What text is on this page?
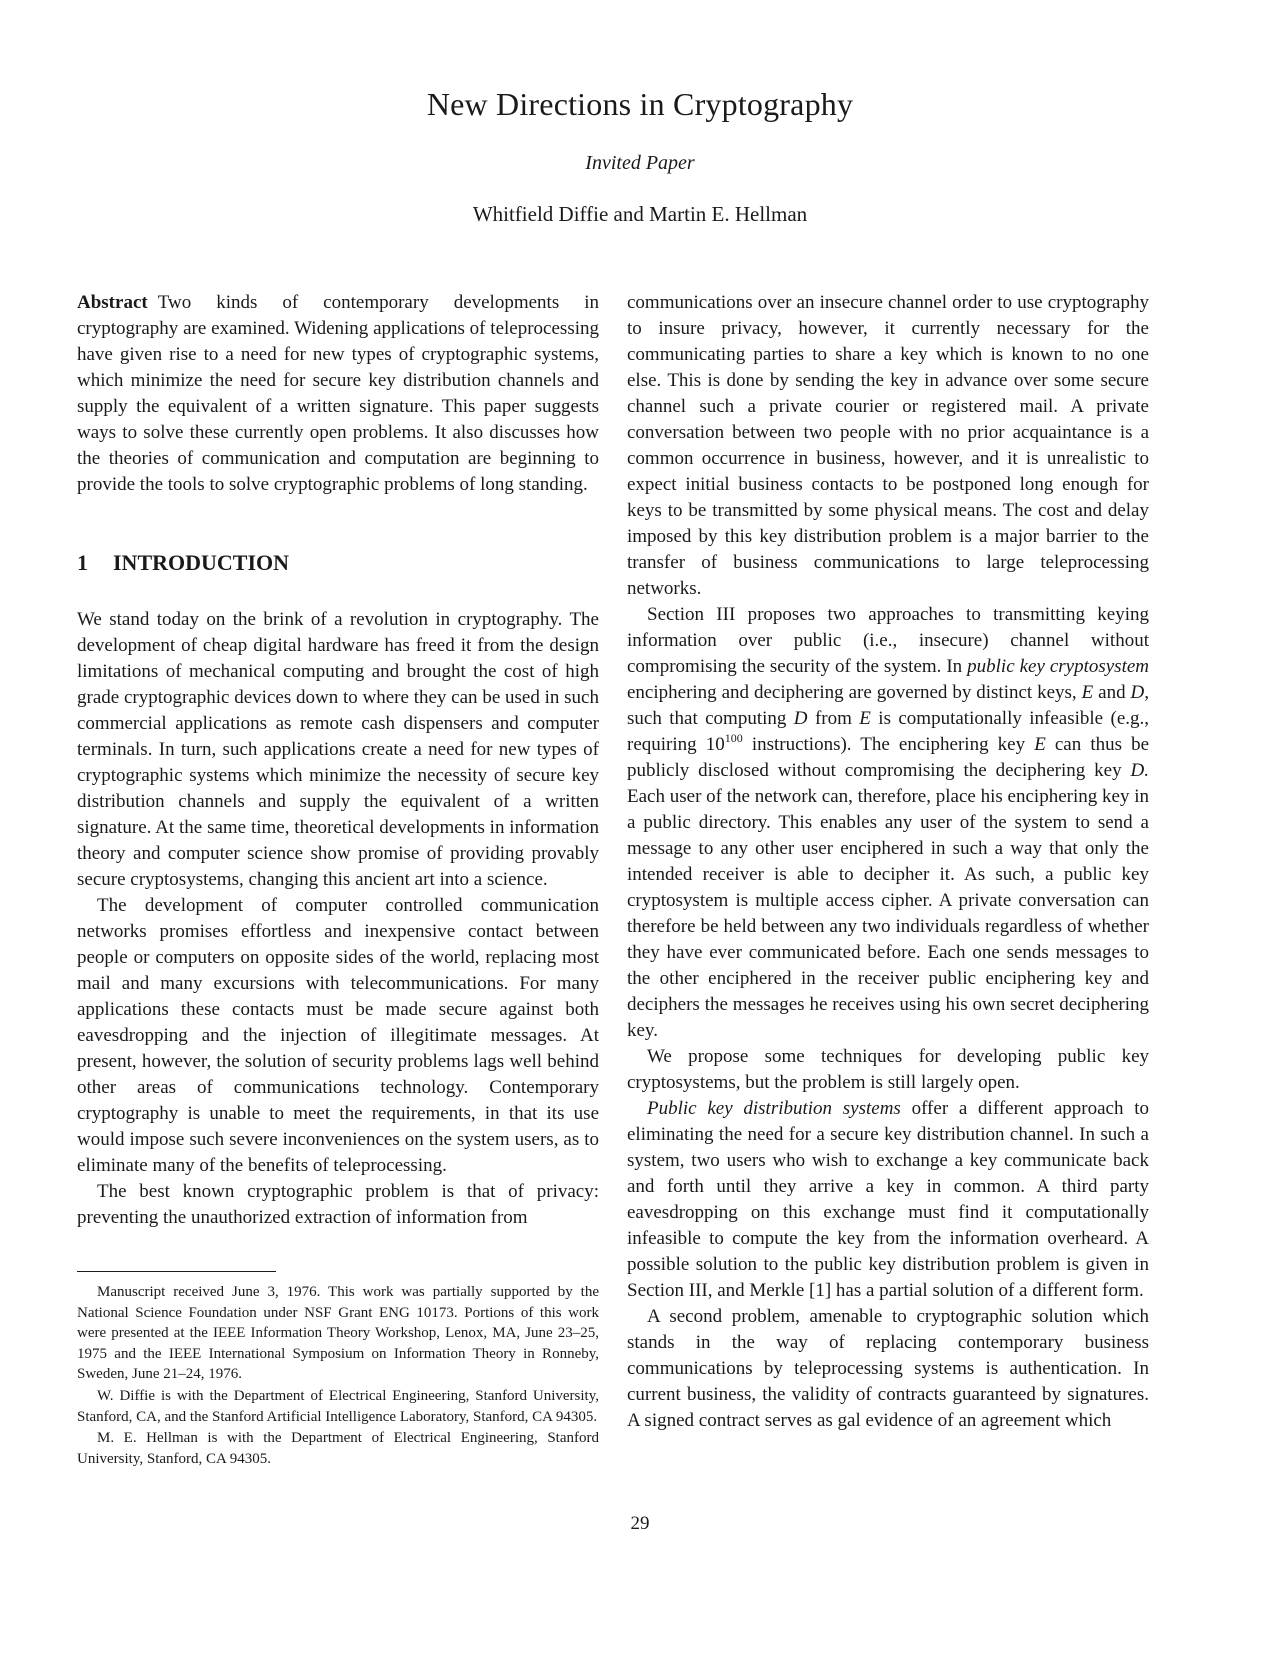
New Directions in Cryptography
Invited Paper
Whitfield Diffie and Martin E. Hellman

Abstract Two kinds of contemporary developments in cryptography are examined. Widening applications of teleprocessing have given rise to a need for new types of cryptographic systems, which minimize the need for secure key distribution channels and supply the equivalent of a written signature. This paper suggests ways to solve these currently open problems. It also discusses how the theories of communication and computation are beginning to provide the tools to solve cryptographic problems of long standing.

1 INTRODUCTION

We stand today on the brink of a revolution in cryptography. The development of cheap digital hardware has freed it from the design limitations of mechanical computing and brought the cost of high grade cryptographic devices down to where they can be used in such commercial applications as remote cash dispensers and computer terminals. In turn, such applications create a need for new types of cryptographic systems which minimize the necessity of secure key distribution channels and supply the equivalent of a written signature. At the same time, theoretical developments in information theory and computer science show promise of providing provably secure cryptosystems, changing this ancient art into a science.

The development of computer controlled communication networks promises effortless and inexpensive contact between people or computers on opposite sides of the world, replacing most mail and many excursions with telecommunications. For many applications these contacts must be made secure against both eavesdropping and the injection of illegitimate messages. At present, however, the solution of security problems lags well behind other areas of communications technology. Contemporary cryptography is unable to meet the requirements, in that its use would impose such severe inconveniences on the system users, as to eliminate many of the benefits of teleprocessing.

The best known cryptographic problem is that of privacy: preventing the unauthorized extraction of information from

Manuscript received June 3, 1976. This work was partially supported by the National Science Foundation under NSF Grant ENG 10173. Portions of this work were presented at the IEEE Information Theory Workshop, Lenox, MA, June 23–25, 1975 and the IEEE International Symposium on Information Theory in Ronneby, Sweden, June 21–24, 1976.

W. Diffie is with the Department of Electrical Engineering, Stanford University, Stanford, CA, and the Stanford Artificial Intelligence Laboratory, Stanford, CA 94305.

M. E. Hellman is with the Department of Electrical Engineering, Stanford University, Stanford, CA 94305.

communications over an insecure channel order to use cryptography to insure privacy, however, it currently necessary for the communicating parties to share a key which is known to no one else. This is done by sending the key in advance over some secure channel such a private courier or registered mail. A private conversation between two people with no prior acquaintance is a common occurrence in business, however, and it is unrealistic to expect initial business contacts to be postponed long enough for keys to be transmitted by some physical means. The cost and delay imposed by this key distribution problem is a major barrier to the transfer of business communications to large teleprocessing networks.

Section III proposes two approaches to transmitting keying information over public (i.e., insecure) channel without compromising the security of the system. In public key cryptosystem enciphering and deciphering are governed by distinct keys, E and D, such that computing D from E is computationally infeasible (e.g., requiring $10^{100}$ instructions). The enciphering key E can thus be publicly disclosed without compromising the deciphering key D. Each user of the network can, therefore, place his enciphering key in a public directory. This enables any user of the system to send a message to any other user enciphered in such a way that only the intended receiver is able to decipher it. As such, a public key cryptosystem is multiple access cipher. A private conversation can therefore be held between any two individuals regardless of whether they have ever communicated before. Each one sends messages to the other enciphered in the receiver public enciphering key and deciphers the messages he receives using his own secret deciphering key.

We propose some techniques for developing public key cryptosystems, but the problem is still largely open.

Public key distribution systems offer a different approach to eliminating the need for a secure key distribution channel. In such a system, two users who wish to exchange a key communicate back and forth until they arrive a key in common. A third party eavesdropping on this exchange must find it computationally infeasible to compute the key from the information overheard. A possible solution to the public key distribution problem is given in Section III, and Merkle [1] has a partial solution of a different form.

A second problem, amenable to cryptographic solution which stands in the way of replacing contemporary business communications by teleprocessing systems is authentication. In current business, the validity of contracts guaranteed by signatures. A signed contract serves as gal evidence of an agreement which

29
